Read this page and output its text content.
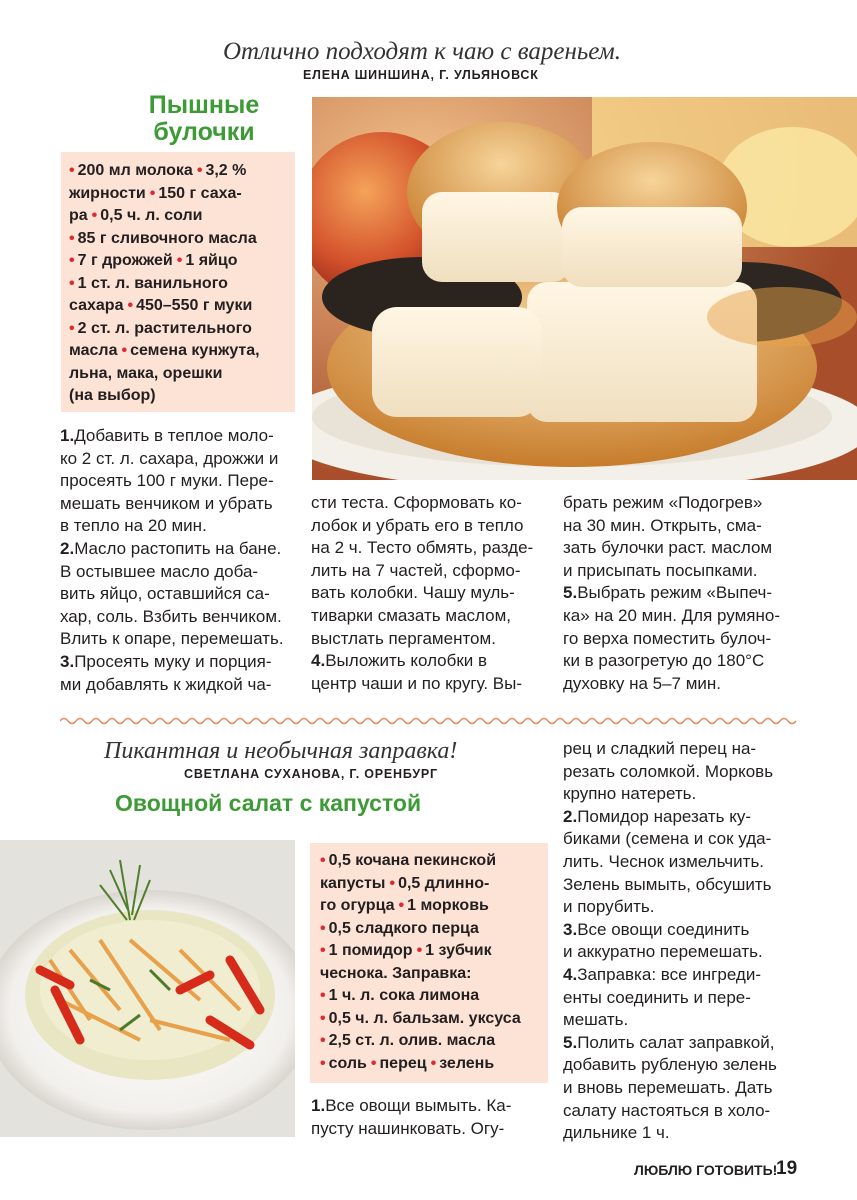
Отлично подходят к чаю с вареньем.
ЕЛЕНА ШИНШИНА, Г. УЛЬЯНОВСК
Пышные
булочки
• 200 мл молока • 3,2 %
жирности • 150 г саха-
ра • 0,5 ч. л. соли
• 85 г сливочного масла
• 7 г дрожжей • 1 яйцо
• 1 ст. л. ванильного
сахара • 450–550 г муки
• 2 ст. л. растительного
масла • семена кунжута,
льна, мака, орешки
(на выбор)
1.Добавить в теплое моло-
ко 2 ст. л. сахара, дрожжи и
просеять 100 г муки. Пере-
мешать венчиком и убрать
в тепло на 20 мин.
2.Масло растопить на бане.
В остывшее масло доба-
вить яйцо, оставшийся са-
хар, соль. Взбить венчиком.
Влить к опаре, перемешать.
3.Просеять муку и порция-
ми добавлять к жидкой ча-
сти теста. Сформовать ко-
лобок и убрать его в тепло
на 2 ч. Тесто обмять, разде-
лить на 7 частей, сформо-
вать колобки. Чашу муль-
тиварки смазать маслом,
выстлать пергаментом.
4.Выложить колобки в
центр чаши и по кругу. Вы-
брать режим «Подогрев»
на 30 мин. Открыть, сма-
зать булочки раст. маслом
и присыпать посыпками.
5.Выбрать режим «Выпеч-
ка» на 20 мин. Для румяно-
го верха поместить булоч-
ки в разогретую до 180°С
духовку на 5–7 мин.
Пикантная и необычная заправка!
СВЕТЛАНА СУХАНОВА, Г. ОРЕНБУРГ
Овощной салат с капустой
• 0,5 кочана пекинской
капусты • 0,5 длинно-
го огурца • 1 морковь
• 0,5 сладкого перца
• 1 помидор • 1 зубчик
чеснока. Заправка:
• 1 ч. л. сока лимона
• 0,5 ч. л. бальзам. уксуса
• 2,5 ст. л. олив. масла
• соль • перец • зелень
1.Все овощи вымыть. Ка-
пусту нашинковать. Огу-
рец и сладкий перец на-
резать соломкой. Морковь
крупно натереть.
2.Помидор нарезать ку-
биками (семена и сок уда-
лить. Чеснок измельчить.
Зелень вымыть, обсушить
и порубить.
3.Все овощи соединить
и аккуратно перемешать.
4.Заправка: все ингреди-
енты соединить и пере-
мешать.
5.Полить салат заправкой,
добавить рубленую зелень
и вновь перемешать. Дать
салату настояться в холо-
дильнике 1 ч.
ЛЮБЛЮ ГОТОВИТЬ!
19
